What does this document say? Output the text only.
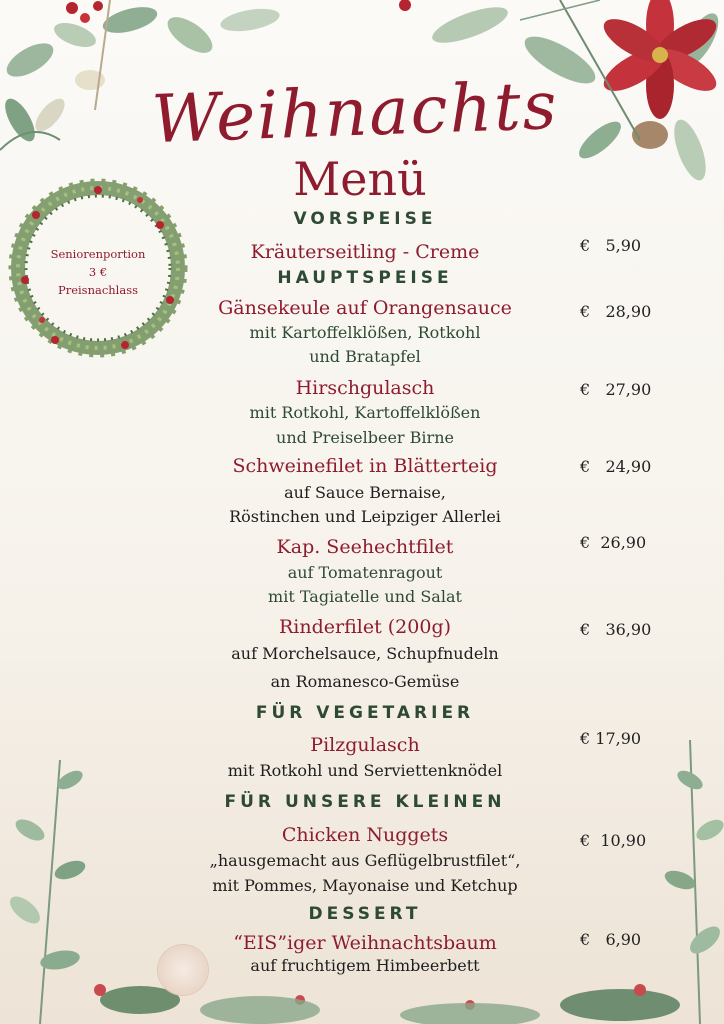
Weihnachts
Menü
Seniorenportion
3 €
Preisnachlass
VORSPEISE
Kräuterseitling - Creme	€   5,90
HAUPTSPEISE
Gänsekeule auf Orangensauce	€   28,90
mit Kartoffelklößen, Rotkohl
und Bratapfel
Hirschgulasch	€   27,90
mit Rotkohl, Kartoffelklößen
und Preiselbeer Birne
Schweinefilet in Blätterteig	€   24,90
auf Sauce Bernaise,
Röstinchen und Leipziger Allerlei
Kap. Seehechtfilet	€  26,90
auf Tomatenragout
mit Tagiatelle und Salat
Rinderfilet (200g)	€   36,90
auf Morchelsauce, Schupfnudeln
an Romanesco-Gemüse
FÜR VEGETARIER
Pilzgulasch	€ 17,90
mit Rotkohl und Serviettenknödel
FÜR UNSERE KLEINEN
Chicken Nuggets	€  10,90
„hausgemacht aus Geflügelbrustfilet“,
mit Pommes, Mayonaise und Ketchup
DESSERT
“EIS”iger Weihnachtsbaum	€   6,90
auf fruchtigem Himbeerbett
